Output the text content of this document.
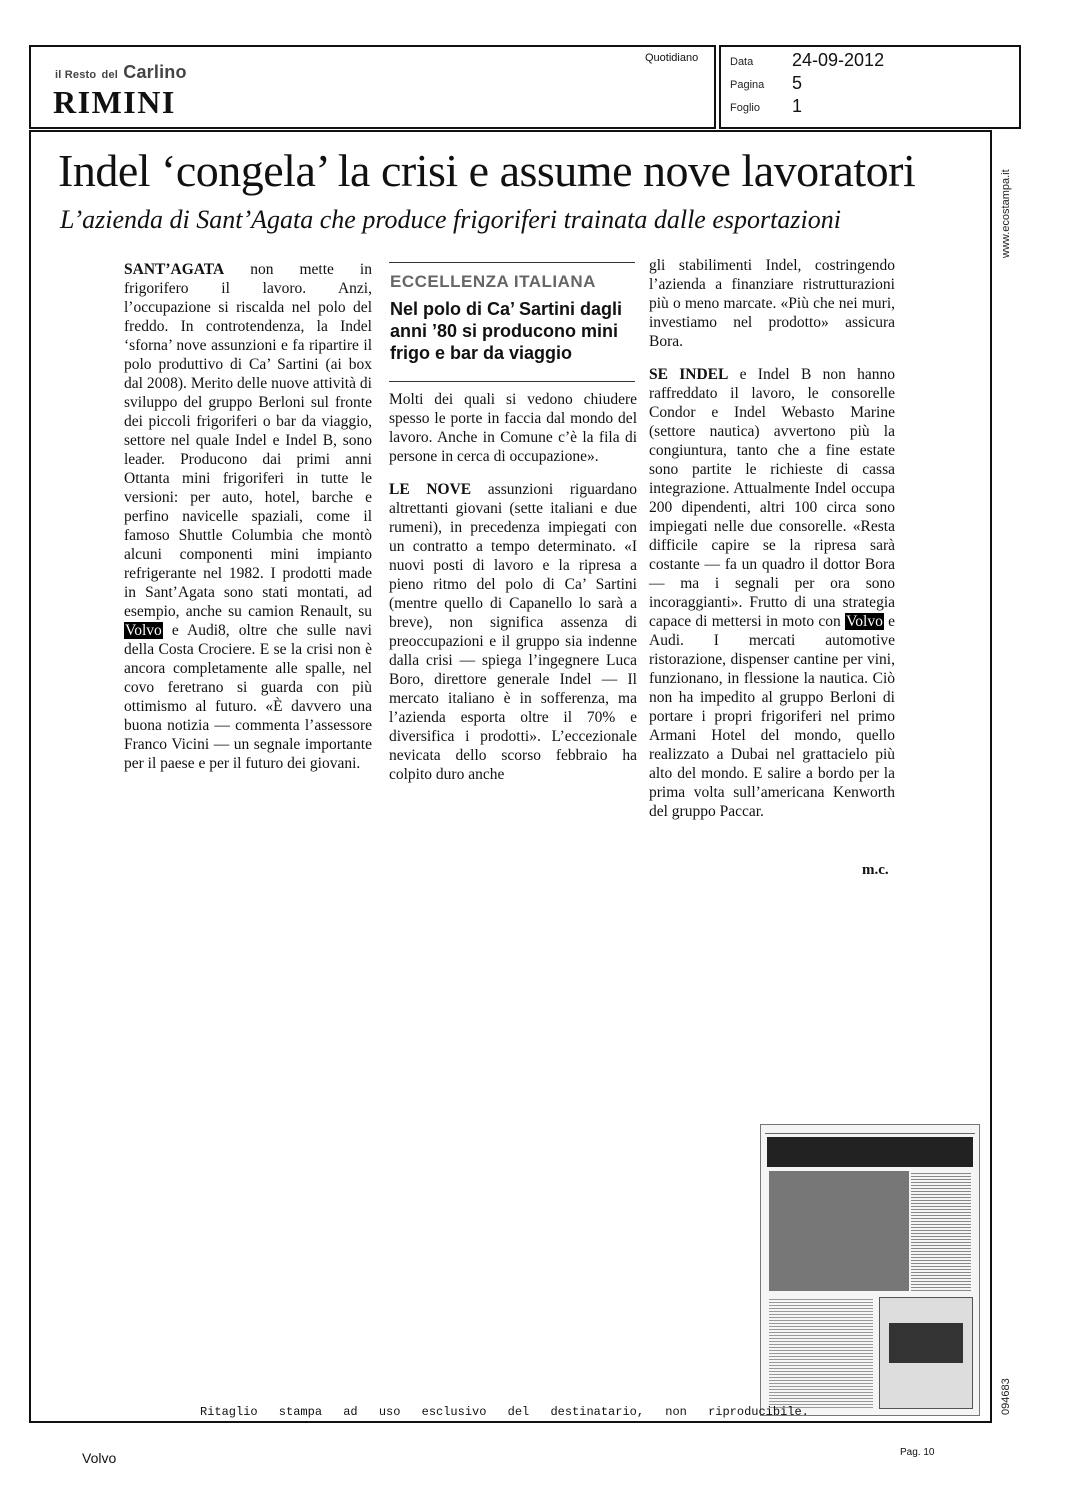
il Resto del Carlino
RIMINI
Quotidiano	Data 24-09-2012
Pagina 5
Foglio 1
www.ecostampa.it
094683
Indel ‘congela’ la crisi e assume nove lavoratori
L’azienda di Sant’Agata che produce frigoriferi trainata dalle esportazioni

SANT’AGATA non mette in frigorifero il lavoro. Anzi, l’occupazione si riscalda nel polo del freddo. In controtendenza, la Indel ‘sforna’ nove assunzioni e fa ripartire il polo produttivo di Ca’ Sartini (ai box dal 2008). Merito delle nuove attività di sviluppo del gruppo Berloni sul fronte dei piccoli frigoriferi o bar da viaggio, settore nel quale Indel e Indel B, sono leader. Producono dai primi anni Ottanta mini frigoriferi in tutte le versioni: per auto, hotel, barche e perfino navicelle spaziali, come il famoso Shuttle Columbia che montò alcuni componenti mini impianto refrigerante nel 1982. I prodotti made in Sant’Agata sono stati montati, ad esempio, anche su camion Renault, su Volvo e Audi8, oltre che sulle navi della Costa Crociere. E se la crisi non è ancora completamente alle spalle, nel covo feretrano si guarda con più ottimismo al futuro. «È davvero una buona notizia — commenta l’assessore Franco Vicini — un segnale importante per il paese e per il futuro dei giovani.

ECCELLENZA ITALIANA
Nel polo di Ca’ Sartini dagli anni ’80 si producono mini frigo e bar da viaggio

Molti dei quali si vedono chiudere spesso le porte in faccia dal mondo del lavoro. Anche in Comune c’è la fila di persone in cerca di occupazione».

LE NOVE assunzioni riguardano altrettanti giovani (sette italiani e due rumeni), in precedenza impiegati con un contratto a tempo determinato. «I nuovi posti di lavoro e la ripresa a pieno ritmo del polo di Ca’ Sartini (mentre quello di Capanello lo sarà a breve), non significa assenza di preoccupazioni e il gruppo sia indenne dalla crisi — spiega l’ingegnere Luca Boro, direttore generale Indel — Il mercato italiano è in sofferenza, ma l’azienda esporta oltre il 70% e diversifica i prodotti». L’eccezionale nevicata dello scorso febbraio ha colpito duro anche

gli stabilimenti Indel, costringendo l’azienda a finanziare ristrutturazioni più o meno marcate. «Più che nei muri, investiamo nel prodotto» assicura Bora.

SE INDEL e Indel B non hanno raffreddato il lavoro, le consorelle Condor e Indel Webasto Marine (settore nautica) avvertono più la congiuntura, tanto che a fine estate sono partite le richieste di cassa integrazione. Attualmente Indel occupa 200 dipendenti, altri 100 circa sono impiegati nelle due consorelle. «Resta difficile capire se la ripresa sarà costante — fa un quadro il dottor Bora — ma i segnali per ora sono incoraggianti». Frutto di una strategia capace di mettersi in moto con Volvo e Audi. I mercati automotive ristorazione, dispenser cantine per vini, funzionano, in flessione la nautica. Ciò non ha impedito al gruppo Berloni di portare i propri frigoriferi nel primo Armani Hotel del mondo, quello realizzato a Dubai nel grattacielo più alto del mondo. E salire a bordo per la prima volta sull’americana Kenworth del gruppo Paccar.

m.c.
Ritaglio stampa ad uso esclusivo del destinatario, non riproducibile.
Volvo	Pag. 10
